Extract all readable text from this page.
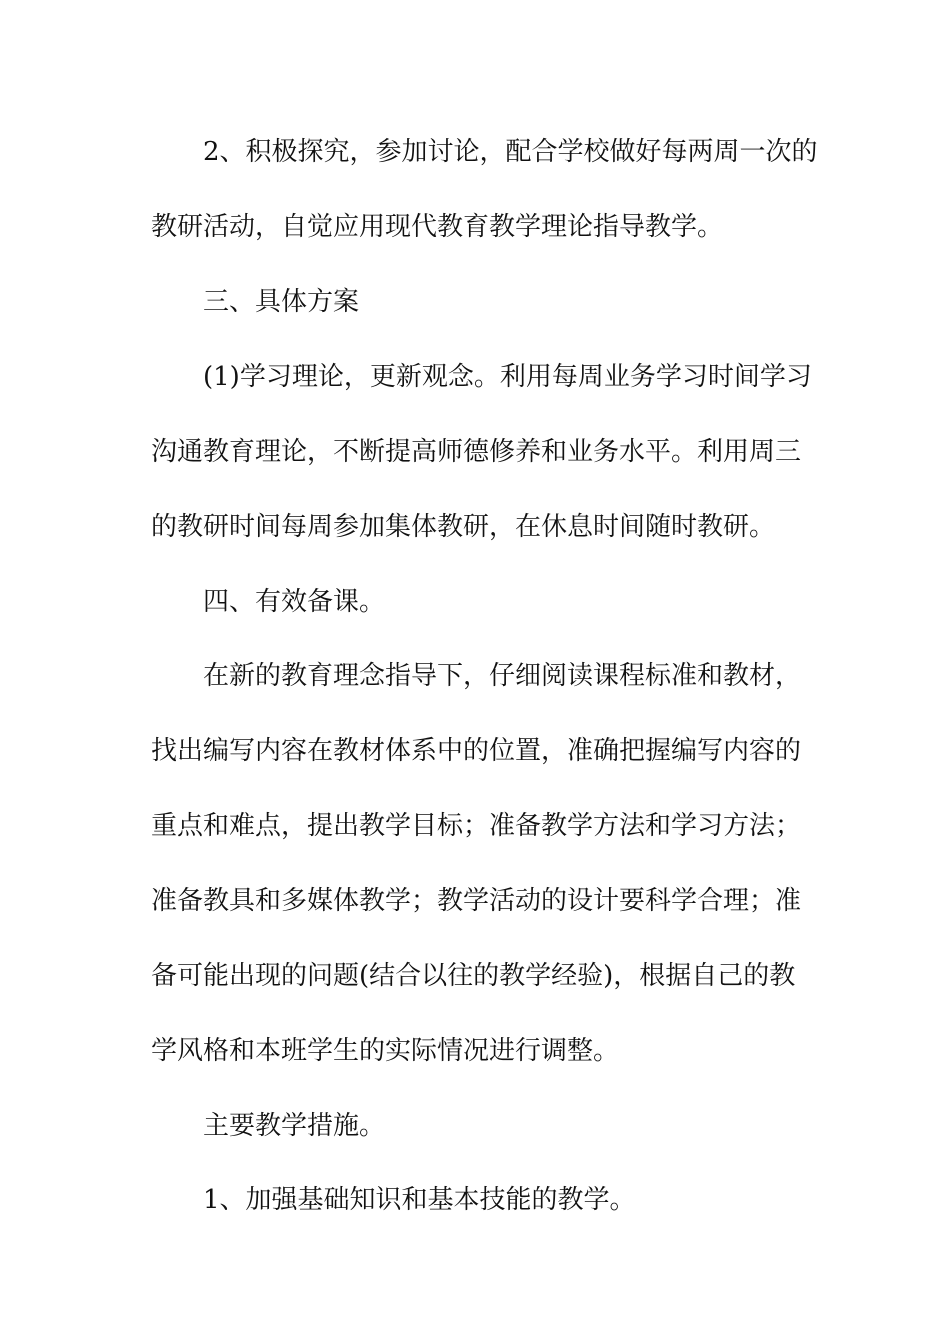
2、积极探究，参加讨论，配合学校做好每两周一次的
教研活动，自觉应用现代教育教学理论指导教学。
三、具体方案
(1)学习理论，更新观念。利用每周业务学习时间学习
沟通教育理论，不断提高师德修养和业务水平。利用周三
的教研时间每周参加集体教研，在休息时间随时教研。
四、有效备课。
在新的教育理念指导下，仔细阅读课程标准和教材，
找出编写内容在教材体系中的位置，准确把握编写内容的
重点和难点，提出教学目标；准备教学方法和学习方法；
准备教具和多媒体教学；教学活动的设计要科学合理；准
备可能出现的问题(结合以往的教学经验)，根据自己的教
学风格和本班学生的实际情况进行调整。
主要教学措施。
1、加强基础知识和基本技能的教学。
